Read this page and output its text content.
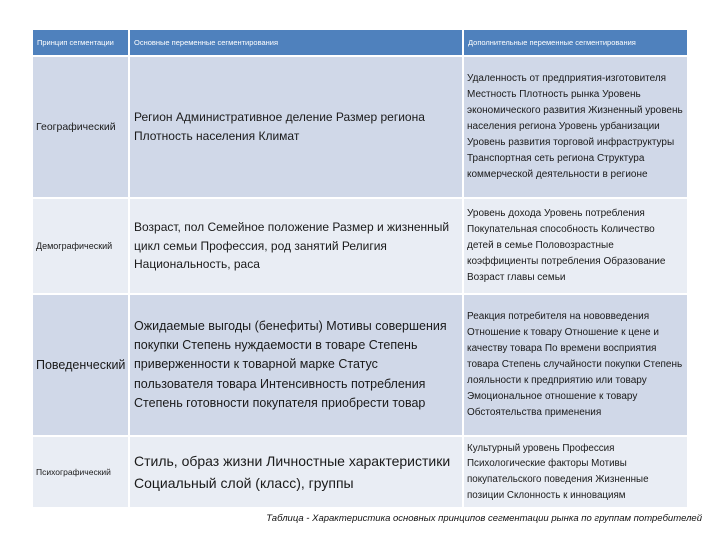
Принцип сегментации	Основные переменные сегментирования	Дополнительные переменные сегментирования
Географический
Регион Административное деление Размер региона Плотность населения Климат
Удаленность от предприятия-изготовителя Местность Плотность рынка Уровень экономического развития Жизненный уровень населения региона Уровень урбанизации Уровень развития торговой инфраструктуры Транспортная сеть региона Структура коммерческой деятельности в регионе
Демографический
Возраст, пол Семейное положение Размер и жизненный цикл семьи Профессия, род занятий Религия Национальность, раса
Уровень дохода Уровень потребления Покупательная способность Количество детей в семье Половозрастные коэффициенты потребления Образование Возраст главы семьи
Поведенческий
Ожидаемые выгоды (бенефиты) Мотивы совершения покупки Степень нуждаемости в товаре Степень приверженности к товарной марке Статус пользователя товара Интенсивность потребления Степень готовности покупателя приобрести товар
Реакция потребителя на нововведения Отношение к товару Отношение к цене и качеству товара По времени восприятия товара Степень случайности покупки Степень лояльности к предприятию или товару Эмоциональное отношение к товару Обстоятельства применения
Психографический
Стиль, образ жизни Личностные характеристики Социальный слой (класс), группы
Культурный уровень Профессия Психологические факторы Мотивы покупательского поведения Жизненные позиции Склонность к инновациям
Таблица - Характеристика основных принципов сегментации рынка по группам потребителей
